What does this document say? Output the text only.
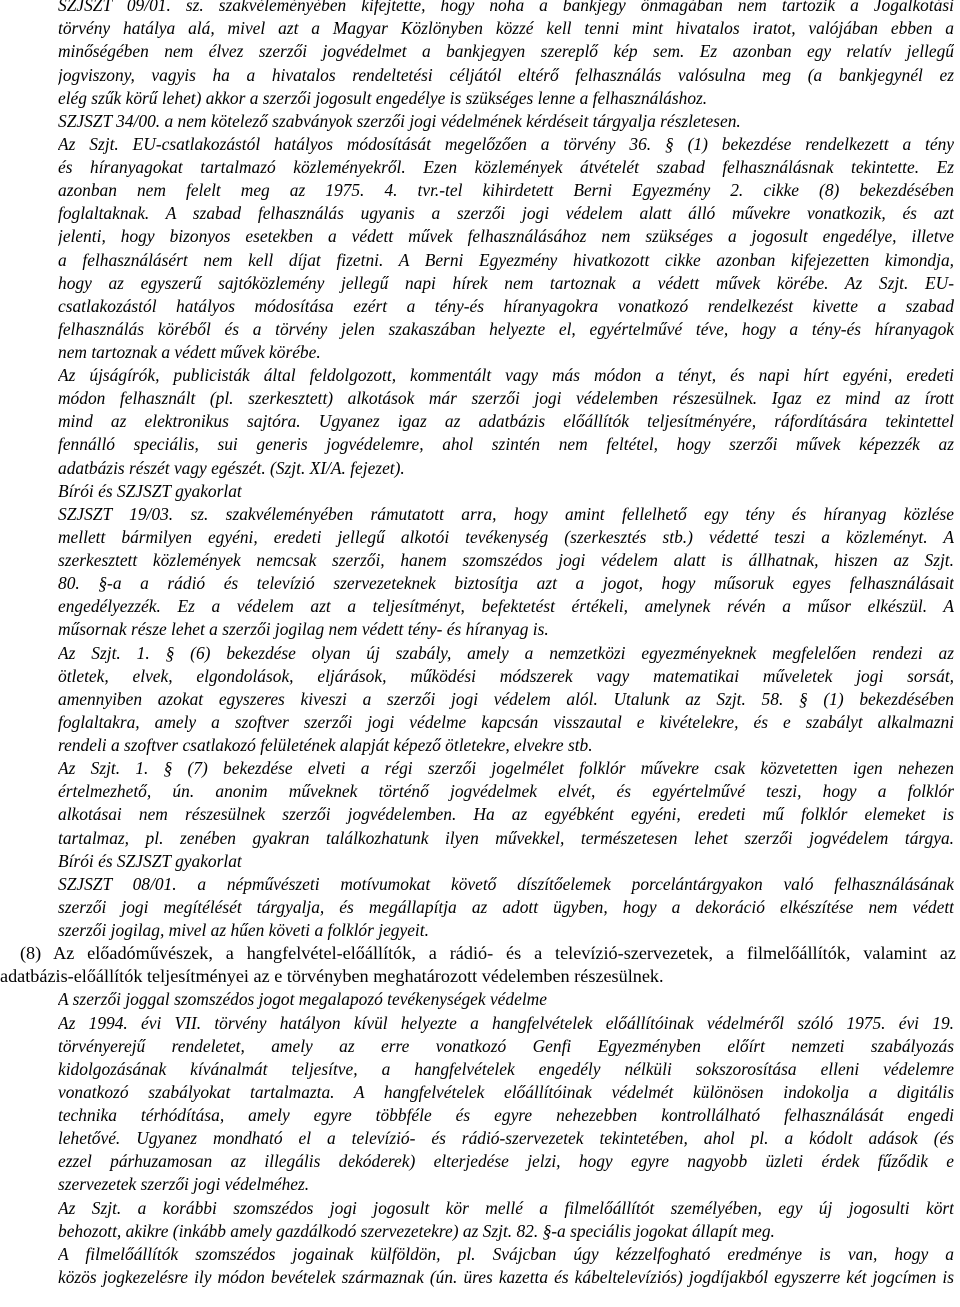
SZJSZT 09/01. sz. szakvéleményében kifejtette, hogy noha a bankjegy önmagában nem tartozik a Jogalkotási
törvény hatálya alá, mivel azt a Magyar Közlönyben közzé kell tenni mint hivatalos iratot, valójában ebben a
minőségében nem élvez szerzői jogvédelmet a bankjegyen szereplő kép sem. Ez azonban egy relatív jellegű
jogviszony, vagyis ha a hivatalos rendeltetési céljától eltérő felhasználás valósulna meg (a bankjegynél ez
elég szűk körű lehet) akkor a szerzői jogosult engedélye is szükséges lenne a felhasználáshoz.
SZJSZT 34/00. a nem kötelező szabványok szerzői jogi védelmének kérdéseit tárgyalja részletesen.
Az Szjt. EU-csatlakozástól hatályos módosítását megelőzően a törvény 36. § (1) bekezdése rendelkezett a tény
és híranyagokat tartalmazó közleményekről. Ezen közlemények átvételét szabad felhasználásnak tekintette. Ez
azonban nem felelt meg az 1975. 4. tvr.-tel kihirdetett Berni Egyezmény 2. cikke (8) bekezdésében
foglaltaknak. A szabad felhasználás ugyanis a szerzői jogi védelem alatt álló művekre vonatkozik, és azt
jelenti, hogy bizonyos esetekben a védett művek felhasználásához nem szükséges a jogosult engedélye, illetve
a felhasználásért nem kell díjat fizetni. A Berni Egyezmény hivatkozott cikke azonban kifejezetten kimondja,
hogy az egyszerű sajtóközlemény jellegű napi hírek nem tartoznak a védett művek körébe. Az Szjt. EU-
csatlakozástól hatályos módosítása ezért a tény-és híranyagokra vonatkozó rendelkezést kivette a szabad
felhasználás köréből és a törvény jelen szakaszában helyezte el, egyértelművé téve, hogy a tény-és híranyagok
nem tartoznak a védett művek körébe.
Az újságírók, publicisták által feldolgozott, kommentált vagy más módon a tényt, és napi hírt egyéni, eredeti
módon felhasznált (pl. szerkesztett) alkotások már szerzői jogi védelemben részesülnek. Igaz ez mind az írott
mind az elektronikus sajtóra. Ugyanez igaz az adatbázis előállítók teljesítményére, ráfordítására tekintettel
fennálló speciális, sui generis jogvédelemre, ahol szintén nem feltétel, hogy szerzői művek képezzék az
adatbázis részét vagy egészét. (Szjt. XI/A. fejezet).
Bírói és SZJSZT gyakorlat
SZJSZT 19/03. sz. szakvéleményében rámutatott arra, hogy amint fellelhető egy tény és híranyag közlése
mellett bármilyen egyéni, eredeti jellegű alkotói tevékenység (szerkesztés stb.) védetté teszi a közleményt. A
szerkesztett közlemények nemcsak szerzői, hanem szomszédos jogi védelem alatt is állhatnak, hiszen az Szjt.
80. §-a a rádió és televízió szervezeteknek biztosítja azt a jogot, hogy műsoruk egyes felhasználásait
engedélyezzék. Ez a védelem azt a teljesítményt, befektetést értékeli, amelynek révén a műsor elkészül. A
műsornak része lehet a szerzői jogilag nem védett tény- és híranyag is.
Az Szjt. 1. § (6) bekezdése olyan új szabály, amely a nemzetközi egyezményeknek megfelelően rendezi az
ötletek, elvek, elgondolások, eljárások, működési módszerek vagy matematikai műveletek jogi sorsát,
amennyiben azokat egyszeres kiveszi a szerzői jogi védelem alól. Utalunk az Szjt. 58. § (1) bekezdésében
foglaltakra, amely a szoftver szerzői jogi védelme kapcsán visszautal e kivételekre, és e szabályt alkalmazni
rendeli a szoftver csatlakozó felületének alapját képező ötletekre, elvekre stb.
Az Szjt. 1. § (7) bekezdése elveti a régi szerzői jogelmélet folklór művekre csak közvetetten igen nehezen
értelmezhető, ún. anonim műveknek történő jogvédelmek elvét, és egyértelművé teszi, hogy a folklór
alkotásai nem részesülnek szerzői jogvédelemben. Ha az egyébként egyéni, eredeti mű folklór elemeket is
tartalmaz, pl. zenében gyakran találkozhatunk ilyen művekkel, természetesen lehet szerzői jogvédelem tárgya.
Bírói és SZJSZT gyakorlat
SZJSZT 08/01. a népművészeti motívumokat követő díszítőelemek porcelántárgyakon való felhasználásának
szerzői jogi megítélését tárgyalja, és megállapítja az adott ügyben, hogy a dekoráció elkészítése nem védett
szerzői jogilag, mivel az hűen követi a folklór jegyeit.
(8) Az előadóművészek, a hangfelvétel-előállítók, a rádió- és a televízió-szervezetek, a filmelőállítók, valamint az
adatbázis-előállítók teljesítményei az e törvényben meghatározott védelemben részesülnek.
A szerzői joggal szomszédos jogot megalapozó tevékenységek védelme
Az 1994. évi VII. törvény hatályon kívül helyezte a hangfelvételek előállítóinak védelméről szóló 1975. évi 19.
törvényerejű rendeletet, amely az erre vonatkozó Genfi Egyezményben előírt nemzeti szabályozás
kidolgozásának kívánalmát teljesítve, a hangfelvételek engedély nélküli sokszorosítása elleni védelemre
vonatkozó szabályokat tartalmazta. A hangfelvételek előállítóinak védelmét különösen indokolja a digitális
technika térhódítása, amely egyre többféle és egyre nehezebben kontrollálható felhasználását engedi
lehetővé. Ugyanez mondható el a televízió- és rádió-szervezetek tekintetében, ahol pl. a kódolt adások (és
ezzel párhuzamosan az illegális dekóderek) elterjedése jelzi, hogy egyre nagyobb üzleti érdek fűződik e
szervezetek szerzői jogi védelméhez.
Az Szjt. a korábbi szomszédos jogi jogosult kör mellé a filmelőállítót személyében, egy új jogosulti kört
behozott, akikre (inkább amely gazdálkodó szervezetekre) az Szjt. 82. §-a speciális jogokat állapít meg.
A filmelőállítók szomszédos jogainak külföldön, pl. Svájcban úgy kézzelfogható eredménye is van, hogy a
közös jogkezelésre ily módon bevételek származnak (ún. üres kazetta és kábeltelevíziós) jogdíjakból egyszerre két jogcímen is
